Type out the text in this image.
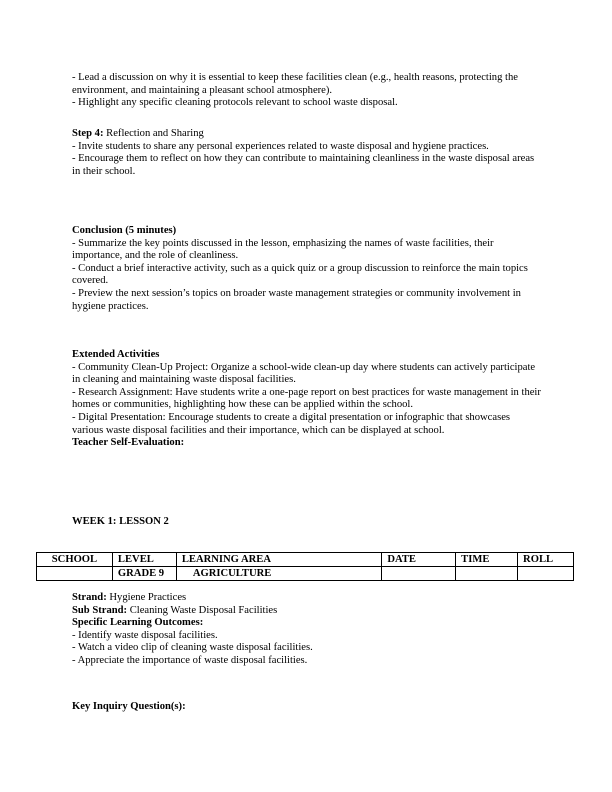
- Lead a discussion on why it is essential to keep these facilities clean (e.g., health reasons, protecting the environment, and maintaining a pleasant school atmosphere).

- Highlight any specific cleaning protocols relevant to school waste disposal.

Step 4: Reflection and Sharing

- Invite students to share any personal experiences related to waste disposal and hygiene practices.

- Encourage them to reflect on how they can contribute to maintaining cleanliness in the waste disposal areas in their school.

Conclusion (5 minutes)

- Summarize the key points discussed in the lesson, emphasizing the names of waste facilities, their importance, and the role of cleanliness.

- Conduct a brief interactive activity, such as a quick quiz or a group discussion to reinforce the main topics covered.

- Preview the next session’s topics on broader waste management strategies or community involvement in hygiene practices.

Extended Activities

- Community Clean-Up Project: Organize a school-wide clean-up day where students can actively participate in cleaning and maintaining waste disposal facilities.

- Research Assignment: Have students write a one-page report on best practices for waste management in their homes or communities, highlighting how these can be applied within the school.

- Digital Presentation: Encourage students to create a digital presentation or infographic that showcases various waste disposal facilities and their importance, which can be displayed at school.

Teacher Self-Evaluation:

WEEK 1: LESSON 2
SCHOOL	LEVEL	LEARNING AREA	DATE	TIME	ROLL
	GRADE 9	AGRICULTURE			

Strand: Hygiene Practices

Sub Strand: Cleaning Waste Disposal Facilities

Specific Learning Outcomes:

- Identify waste disposal facilities.

- Watch a video clip of cleaning waste disposal facilities.

- Appreciate the importance of waste disposal facilities.

Key Inquiry Question(s):
